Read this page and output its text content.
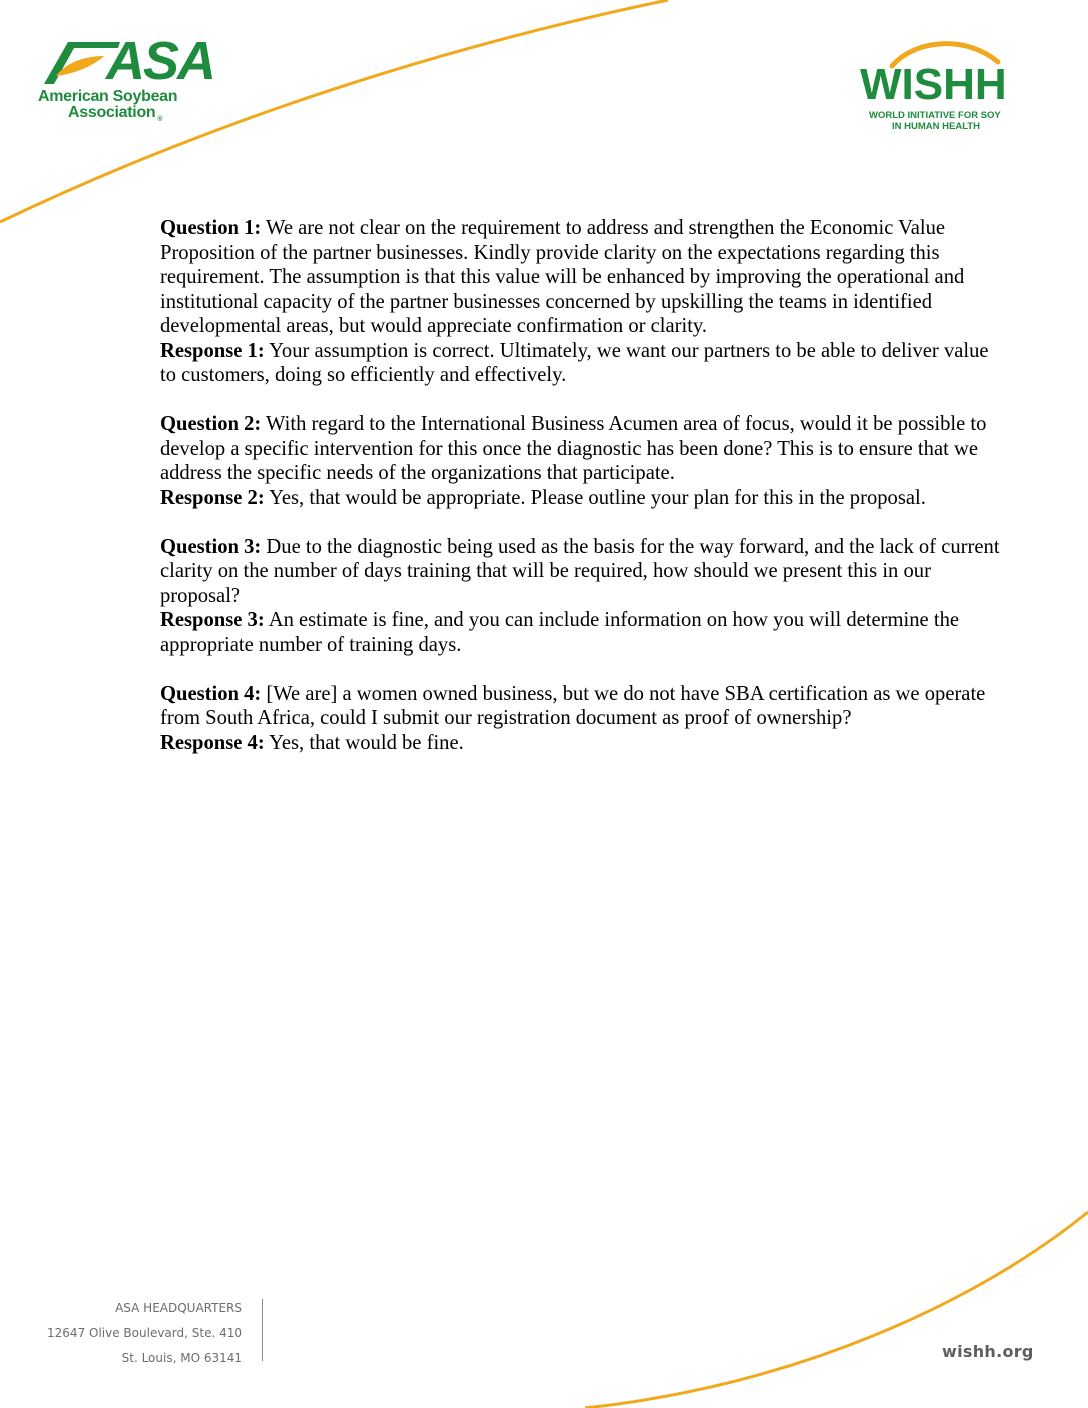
ASA
American Soybean
Association $_®$
WISHH
WORLD INITIATIVE FOR SOY
IN HUMAN HEALTH

Question 1: We are not clear on the requirement to address and strengthen the Economic Value Proposition of the partner businesses. Kindly provide clarity on the expectations regarding this requirement. The assumption is that this value will be enhanced by improving the operational and institutional capacity of the partner businesses concerned by upskilling the teams in identified developmental areas, but would appreciate confirmation or clarity.

Response 1: Your assumption is correct. Ultimately, we want our partners to be able to deliver value to customers, doing so efficiently and effectively.

Question 2: With regard to the International Business Acumen area of focus, would it be possible to develop a specific intervention for this once the diagnostic has been done? This is to ensure that we address the specific needs of the organizations that participate.

Response 2: Yes, that would be appropriate. Please outline your plan for this in the proposal.

Question 3: Due to the diagnostic being used as the basis for the way forward, and the lack of current clarity on the number of days training that will be required, how should we present this in our proposal?

Response 3: An estimate is fine, and you can include information on how you will determine the appropriate number of training days.

Question 4: [We are] a women owned business, but we do not have SBA certification as we operate from South Africa, could I submit our registration document as proof of ownership?

Response 4: Yes, that would be fine.

ASA HEADQUARTERS
12647 Olive Boulevard, Ste. 410
St. Louis, MO 63141	wishh.org
